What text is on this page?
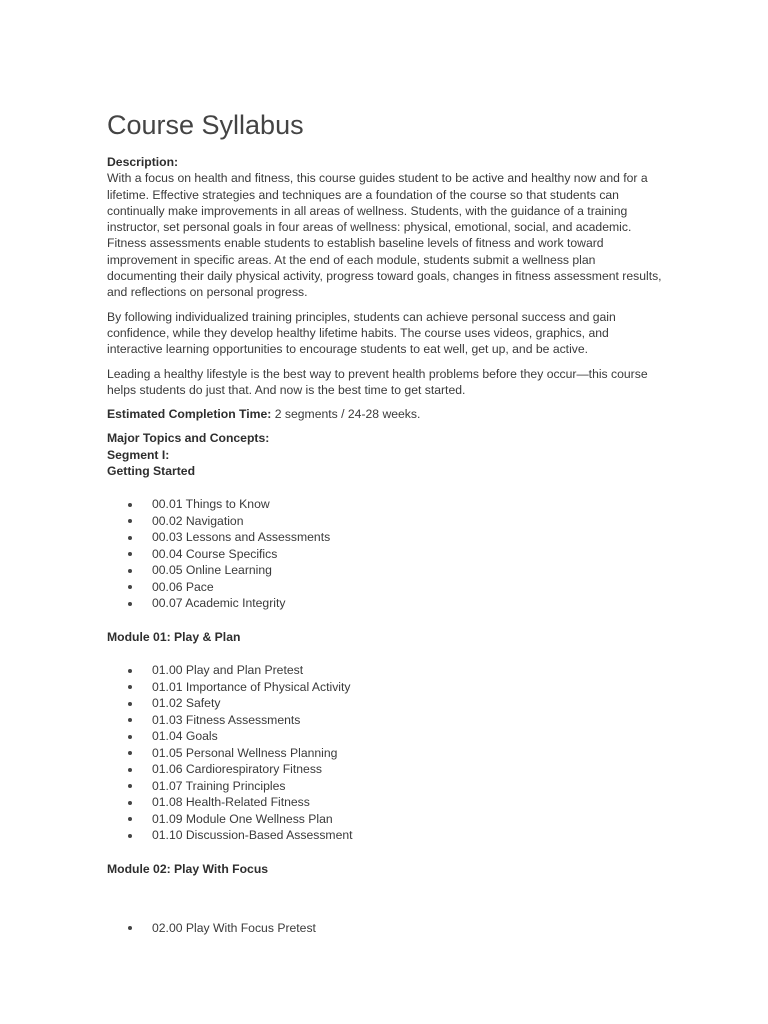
Course Syllabus

Description:
With a focus on health and fitness, this course guides student to be active and healthy now and for a lifetime. Effective strategies and techniques are a foundation of the course so that students can continually make improvements in all areas of wellness. Students, with the guidance of a training instructor, set personal goals in four areas of wellness: physical, emotional, social, and academic. Fitness assessments enable students to establish baseline levels of fitness and work toward improvement in specific areas. At the end of each module, students submit a wellness plan documenting their daily physical activity, progress toward goals, changes in fitness assessment results, and reflections on personal progress.

By following individualized training principles, students can achieve personal success and gain confidence, while they develop healthy lifetime habits. The course uses videos, graphics, and interactive learning opportunities to encourage students to eat well, get up, and be active.

Leading a healthy lifestyle is the best way to prevent health problems before they occur—this course helps students do just that. And now is the best time to get started.

Estimated Completion Time: 2 segments / 24-28 weeks.

Major Topics and Concepts:
Segment I:
Getting Started
00.01 Things to Know
00.02 Navigation
00.03 Lessons and Assessments
00.04 Course Specifics
00.05 Online Learning
00.06 Pace
00.07 Academic Integrity

Module 01: Play & Plan

01.00 Play and Plan Pretest
01.01 Importance of Physical Activity
01.02 Safety
01.03 Fitness Assessments
01.04 Goals
01.05 Personal Wellness Planning
01.06 Cardiorespiratory Fitness
01.07 Training Principles
01.08 Health-Related Fitness
01.09 Module One Wellness Plan
01.10 Discussion-Based Assessment

Module 02: Play With Focus

02.00 Play With Focus Pretest
